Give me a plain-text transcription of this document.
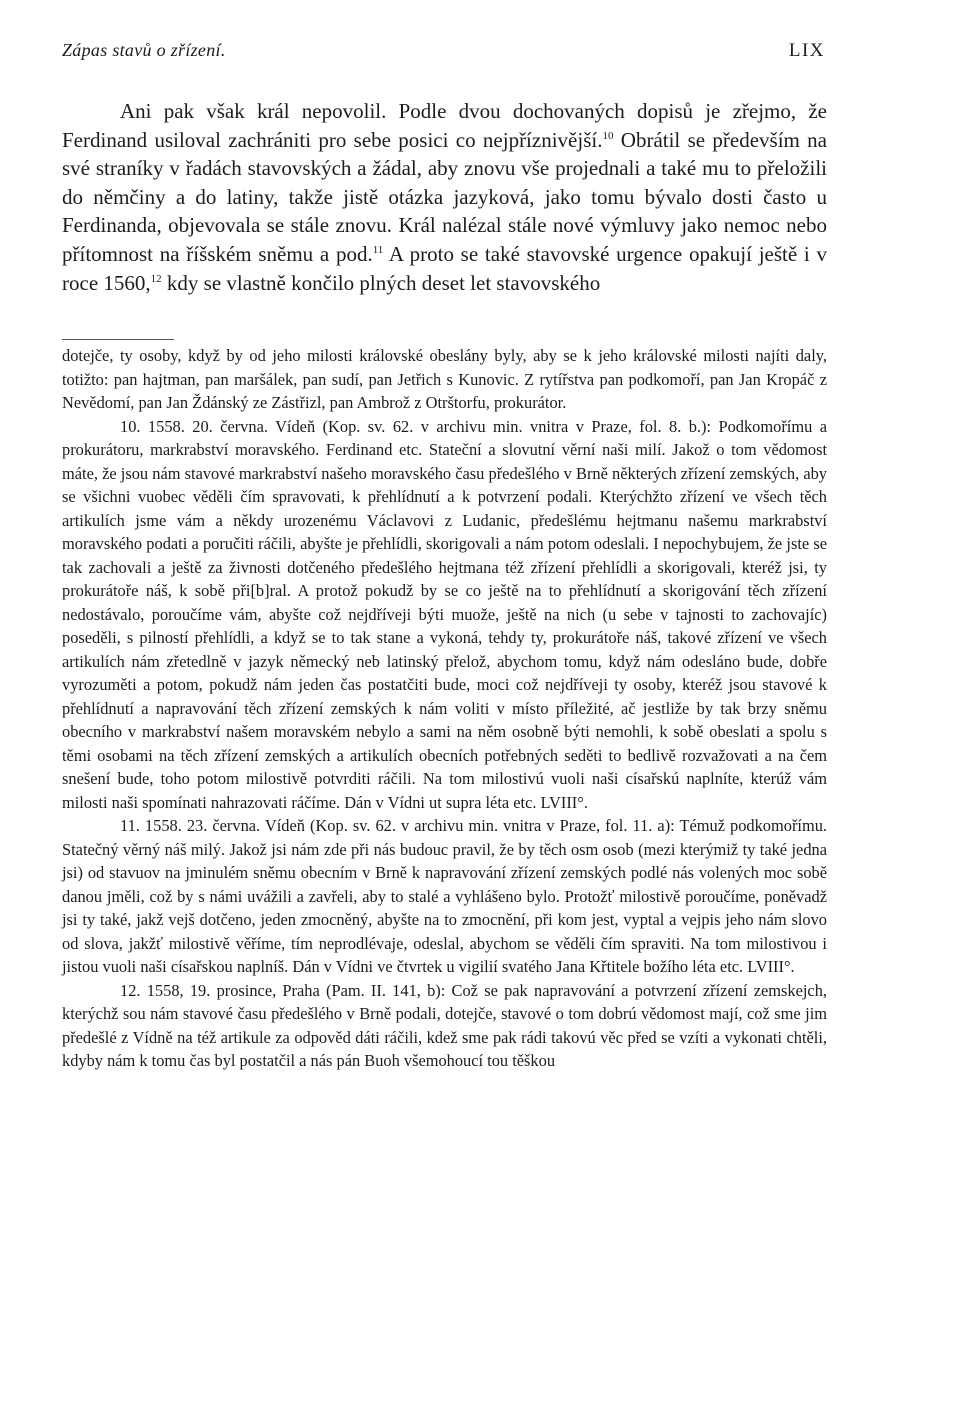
Zápas stavů o zřízení.	LIX

Ani pak však král nepovolil. Podle dvou dochovaných dopisů je zřejmo, že Ferdinand usiloval zachrániti pro sebe posici co nejpříznivější.$^{10}$ Obrátil se především na své straníky v řadách stavovských a žádal, aby znovu vše projednali a také mu to přeložili do němčiny a do latiny, takže jistě otázka jazyková, jako tomu bývalo dosti často u Ferdinanda, objevovala se stále znovu. Král nalézal stále nové výmluvy jako nemoc nebo přítomnost na říšském sněmu a pod.$^{11}$ A proto se také stavovské urgence opakují ještě i v roce 1560,12 kdy se vlastně končilo plných deset let stavovského

dotejče, ty osoby, když by od jeho milosti královské obeslány byly, aby se k jeho královské milosti najíti daly, totižto: pan hajtman, pan maršálek, pan sudí, pan Jetřich s Kunovic. Z rytířstva pan podkomoří, pan Jan Kropáč z Nevědomí, pan Jan Ždánský ze Zástřizl, pan Ambrož z Otrštorfu, prokurátor.

10. 1558. 20. června. Vídeň (Kop. sv. 62. v archivu min. vnitra v Praze, fol. 8. b.): Podkomořímu a prokurátoru, markrabství moravského. Ferdinand etc. Stateční a slovutní věrní naši milí. Jakož o tom vědomost máte, že jsou nám stavové markrabství našeho moravského času předešlého v Brně některých zřízení zemských, aby se všichni vuobec věděli čím spravovati, k přehlídnutí a k potvrzení podali. Kterýchžto zřízení ve všech těch artikulích jsme vám a někdy urozenému Václavovi z Ludanic, předešlému hejtmanu našemu markrabství moravského podati a poručiti ráčili, abyšte je přehlídli, skorigovali a nám potom odeslali. I nepochybujem, že jste se tak zachovali a ještě za živnosti dotčeného předešlého hejtmana též zřízení přehlídli a skorigovali, kteréž jsi, ty prokurátoře náš, k sobě při[b]ral. A protož pokudž by se co ještě na to přehlídnutí a skorigování těch zřízení nedostávalo, poroučíme vám, abyšte což nejdříveji býti muože, ještě na nich (u sebe v tajnosti to zachovajíc) poseděli, s pilností přehlídli, a když se to tak stane a vykoná, tehdy ty, prokurátoře náš, takové zřízení ve všech artikulích nám zřetedlně v jazyk německý neb latinský přelož, abychom tomu, když nám odesláno bude, dobře vyrozuměti a potom, pokudž nám jeden čas postatčiti bude, moci což nejdříveji ty osoby, kteréž jsou stavové k přehlídnutí a napravování těch zřízení zemských k nám voliti v místo příležité, ač jestliže by tak brzy sněmu obecního v markrabství našem moravském nebylo a sami na něm osobně býti nemohli, k sobě obeslati a spolu s těmi osobami na těch zřízení zemských a artikulích obecních potřebných seděti to bedlivě rozvažovati a na čem snešení bude, toho potom milostivě potvrditi ráčili. Na tom milostivú vuoli naši císařskú naplníte, kterúž vám milosti naši spomínati nahrazovati ráčíme. Dán v Vídni ut supra léta etc. LVIII°.

11. 1558. 23. června. Vídeň (Kop. sv. 62. v archivu min. vnitra v Praze, fol. 11. a): Témuž podkomořímu. Statečný věrný náš milý. Jakož jsi nám zde při nás budouc pravil, že by těch osm osob (mezi kterýmiž ty také jedna jsi) od stavuov na jminulém sněmu obecním v Brně k napravování zřízení zemských podlé nás volených moc sobě danou jměli, což by s námi uvážili a zavřeli, aby to stalé a vyhlášeno bylo. Protožť milostivě poroučíme, poněvadž jsi ty také, jakž vejš dotčeno, jeden zmocněný, abyšte na to zmocnění, při kom jest, vyptal a vejpis jeho nám slovo od slova, jakžť milostivě věříme, tím neprodlévaje, odeslal, abychom se věděli čím spraviti. Na tom milostivou i jistou vuoli naši císařskou naplníš. Dán v Vídni ve čtvrtek u vigilií svatého Jana Křtitele božího léta etc. LVIII°.

12. 1558, 19. prosince, Praha (Pam. II. 141, b): Což se pak napravování a potvrzení zřízení zemskejch, kterýchž sou nám stavové času předešlého v Brně podali, dotejče, stavové o tom dobrú vědomost mají, což sme jim předešlé z Vídně na též artikule za odpověd dáti ráčili, kdež sme pak rádi takovú věc před se vzíti a vykonati chtěli, kdyby nám k tomu čas byl postatčil a nás pán Buoh všemohoucí tou těškou
